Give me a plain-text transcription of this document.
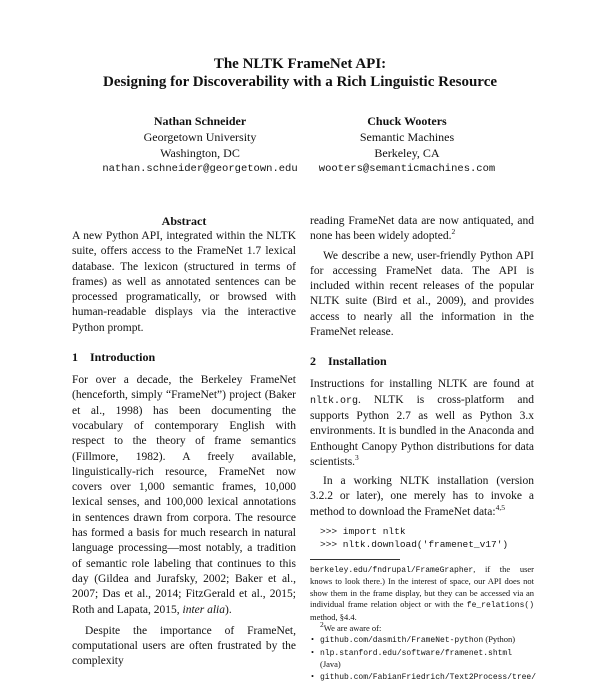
The NLTK FrameNet API:
Designing for Discoverability with a Rich Linguistic Resource
Nathan Schneider
Georgetown University
Washington, DC
nathan.schneider@georgetown.edu
Chuck Wooters
Semantic Machines
Berkeley, CA
wooters@semanticmachines.com
Abstract

A new Python API, integrated within the NLTK suite, offers access to the FrameNet 1.7 lexical database. The lexicon (structured in terms of frames) as well as annotated sentences can be processed programatically, or browsed with human-readable displays via the interactive Python prompt.

1 Introduction

For over a decade, the Berkeley FrameNet (henceforth, simply “FrameNet”) project (Baker et al., 1998) has been documenting the vocabulary of contemporary English with respect to the theory of frame semantics (Fillmore, 1982). A freely available, linguistically-rich resource, FrameNet now covers over 1,000 semantic frames, 10,000 lexical senses, and 100,000 lexical annotations in sentences drawn from corpora. The resource has formed a basis for much research in natural language processing—most notably, a tradition of semantic role labeling that continues to this day (Gildea and Jurafsky, 2002; Baker et al., 2007; Das et al., 2014; FitzGerald et al., 2015; Roth and Lapata, 2015, inter alia).

Despite the importance of FrameNet, computational users are often frustrated by the complexity

reading FrameNet data are now antiquated, and none has been widely adopted.$^2$

We describe a new, user-friendly Python API for accessing FrameNet data. The API is included within recent releases of the popular NLTK suite (Bird et al., 2009), and provides access to nearly all the information in the FrameNet release.

2 Installation

Instructions for installing NLTK are found at nltk.org. NLTK is cross-platform and supports Python 2.7 as well as Python 3.x environments. It is bundled in the Anaconda and Enthought Canopy Python distributions for data scientists.$^3$

In a working NLTK installation (version 3.2.2 or later), one merely has to invoke a method to download the FrameNet data:$^{4,5}$

>>> import nltk
>>> nltk.download('framenet_v17')

berkeley.edu/fndrupal/FrameGrapher, if the user knows to look there.) In the interest of space, our API does not show them in the frame display, but they can be accessed via an individual frame relation object or with the fe_relations() method, §4.4.

$^2$We are aware of:

• github.com/dasmith/FrameNet-python (Python)
• nlp.stanford.edu/software/framenet.shtml (Java)
• github.com/FabianFriedrich/Text2Process/tree/
